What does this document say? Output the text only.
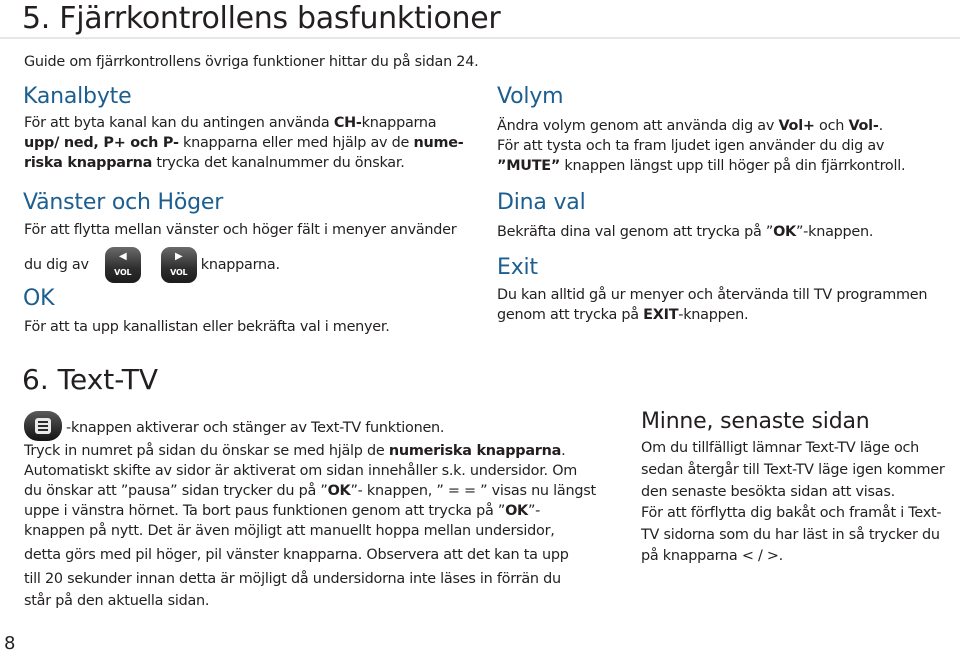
5. Fjärrkontrollens basfunktioner
Guide om fjärrkontrollens övriga funktioner hittar du på sidan 24.
Kanalbyte
För att byta kanal kan du antingen använda CH-knapparna
upp/ ned, P+ och P- knapparna eller med hjälp av de nume-
riska knapparna trycka det kanalnummer du önskar.
Vänster och Höger
För att flytta mellan vänster och höger fält i menyer använder
du dig av
◀
VOL
▶
VOL knapparna.
OK
För att ta upp kanallistan eller bekräfta val i menyer.
Volym
Ändra volym genom att använda dig av Vol+ och Vol-.
För att tysta och ta fram ljudet igen använder du dig av
”MUTE” knappen längst upp till höger på din fjärrkontroll.
Dina val
Bekräfta dina val genom att trycka på ”OK”-knappen.
Exit
Du kan alltid gå ur menyer och återvända till TV programmen
genom att trycka på EXIT-knappen.
6. Text-TV
-knappen aktiverar och stänger av Text-TV funktionen.
Tryck in numret på sidan du önskar se med hjälp de numeriska knapparna.
Automatiskt skifte av sidor är aktiverat om sidan innehåller s.k. undersidor. Om
du önskar att ”pausa” sidan trycker du på ”OK”- knappen, ” = = ” visas nu längst
uppe i vänstra hörnet. Ta bort paus funktionen genom att trycka på ”OK”-
knappen på nytt. Det är även möjligt att manuellt hoppa mellan undersidor,
detta görs med pil höger, pil vänster knapparna. Observera att det kan ta upp
till 20 sekunder innan detta är möjligt då undersidorna inte läses in förrän du
står på den aktuella sidan.
Minne, senaste sidan
Om du tillfälligt lämnar Text-TV läge och
sedan återgår till Text-TV läge igen kommer
den senaste besökta sidan att visas.
För att förflytta dig bakåt och framåt i Text-
TV sidorna som du har läst in så trycker du
på knapparna < / >.
8
